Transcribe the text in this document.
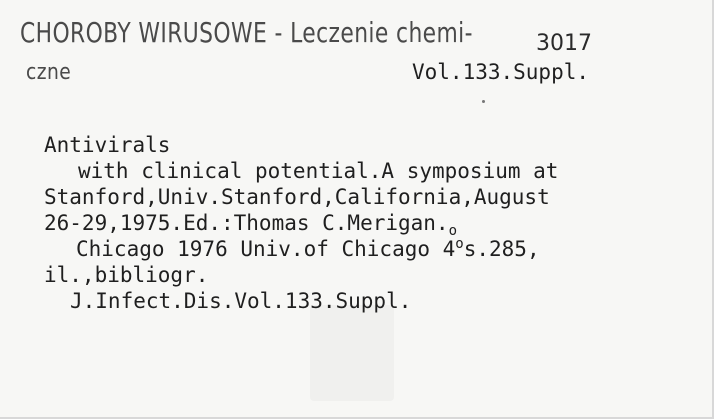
CHOROBY WIRUSOWE - Leczenie chemi-
czne
3017
Vol.133.Suppl.
Antivirals
with clinical potential.A symposium at
Stanford,Univ.Stanford,California,August
26-29,1975.Ed.:Thomas $C.Merigan._o$
Chicago 1976 Univ.of Chicago 4$^o$s.285,
il.,bibliogr.
J.Infect.Dis.Vol.133.Suppl.
